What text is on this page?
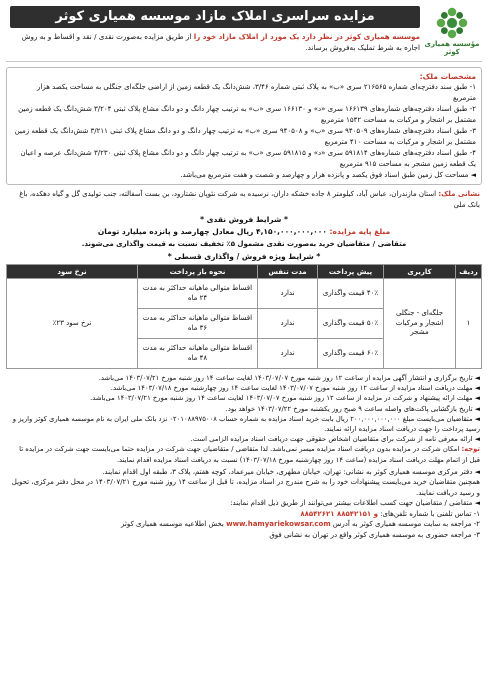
مؤسسه همیاری کوثر
مزایده سراسری املاک مازاد موسسه همیاری کوثر
موسسه همیاری کوثر در نظر دارد یک مورد از املاک مازاد خود را از طریق مزایده به‌صورت نقدی / نقد و اقساط و به روش اجاره به شرط تملیک به‌فروش برساند.
مشخصات ملک:

۱- طبق سند دفترچه‌ای شماره ۲۱۶۵۶۵ سری «ب» به پلاک ثبتی شماره ۳/۴۶، شش‌دانگ یک قطعه زمین از اراضی جلگه‌ای جنگلی به مساحت یکصد هزار مترمربع

۲- طبق اسناد دفترچه‌های شماره‌های ۱۶۶۱۳۹ سری «د» و ۱۶۶۱۳۰ سری «ب» به ترتیب چهار دانگ و دو دانگ مشاع پلاک ثبتی ۳/۲۰۴ شش‌دانگ یک قطعه زمین مشتمل بر اشجار و مرکبات به مساحت ۱۵۴۲ مترمربع

۳- طبق اسناد دفترچه‌های شماره‌های ۹۴۰۵۰۹ سری «ب» و ۹۴۰۵۰۸ سری «ب» به ترتیب چهار دانگ و دو دانگ مشاع پلاک ثبتی ۳/۲۱۱ شش‌دانگ یک قطعه زمین مشتمل بر اشجار و مرکبات به مساحت ۴۱۰ مترمربع

۴- طبق اسناد دفترچه‌های شماره‌های ۵۹۱۸۱۴ سری «د» و ۵۹۱۸۱۵ سری «ب» به ترتیب چهار دانگ و دو دانگ مشاع پلاک ثبتی ۳/۲۳۰ شش‌دانگ عرصه و اعیان یک قطعه زمین مشجر به مساحت ۹۱۵ مترمربع

◄ مساحت کل زمین طبق اسناد فوق یکصد و پانزده هزار و چهارصد و شصت و هفت مترمربع می‌باشد.

نشانی ملک: استان مازندران، عباس آباد، کیلومتر ۸ جاده خشکه داران، نرسیده به شرکت نئوپان نشتارود، بن بست آسفالته، جنب تولیدی گل و گیاه دهکده، باغ بانک ملی
* شرایط فروش نقدی *
مبلغ پایه مزایده: ۴,۱۵۰,۰۰۰,۰۰۰,۰۰۰ ریال معادل چهارصد و پانزده میلیارد تومان
متقاضی / متقاضیان خرید به‌صورت نقدی مشمول ۵٪ تخفیف نسبت به قیمت واگذاری می‌شوند.
* شرایط ویژه فروش / واگذاری قسطی *
ردیف	کاربری	پیش پرداخت	مدت تنفس	نحوه باز پرداخت	نرخ سود
۱	جلگه‌ای - جنگلی اشجار و مرکبات مشجر	۴۰٪ قیمت واگذاری	ندارد	اقساط متوالی ماهیانه حداکثر به مدت ۲۴ ماه	نرخ سود ۲۳٪
		۵۰٪ قیمت واگذاری	ندارد	اقساط متوالی ماهیانه حداکثر به مدت ۳۶ ماه	
		۶۰٪ قیمت واگذاری	ندارد	اقساط متوالی ماهیانه حداکثر به مدت ۴۸ ماه	

◄ تاریخ برگزاری و انتشار آگهی مزایده از ساعت ۱۲ روز شنبه مورخ ۱۴۰۳/۰۷/۰۷ لغایت ساعت ۱۴ روز شنبه مورخ ۱۴۰۳/۰۷/۲۱ می‌باشد.

◄ مهلت دریافت اسناد مزایده از ساعت ۱۲ روز شنبه مورخ ۱۴۰۳/۰۷/۰۷ لغایت ساعت ۱۴ روز چهارشنبه مورخ ۱۴۰۳/۰۷/۱۸ می‌باشد.

◄ مهلت ارائه پیشنهاد و شرکت در مزایده از ساعت ۱۲ روز شنبه مورخ ۱۴۰۳/۰۷/۰۷ لغایت ساعت ۱۴ روز شنبه مورخ ۱۴۰۳/۰۷/۲۱ می‌باشد.

◄ تاریخ بازگشایی پاکت‌های واصله ساعت ۹ صبح روز یکشنبه مورخ ۱۴۰۳/۰۷/۲۲ خواهد بود.

◄ متقاضیان می‌بایست مبلغ ۲۰۰,۰۰۰,۰۰۰,۰۰۰ ریال بابت خرید اسناد مزایده به شماره حساب ۰۲۰۱۰۸۸۹۷۵۰۰۸ نزد بانک ملی ایران به نام موسسه همیاری کوثر واریز و رسید پرداخت را جهت دریافت اسناد مزایده ارائه نمایند.

◄ ارائه معرفی نامه از شرکت برای متقاضیان اشخاص حقوقی جهت دریافت اسناد مزایده الزامی است.

توجه: امکان شرکت در مزایده بدون دریافت اسناد مزایده میسر نمی‌باشد. لذا متقاضی / متقاضیان جهت شرکت در مزایده حتما می‌بایست جهت شرکت در مزایده تا قبل از اتمام مهلت دریافت اسناد مزایده (ساعت ۱۴ روز چهارشنبه مورخ ۱۴۰۳/۰۷/۱۸) نسبت به دریافت اسناد مزایده اقدام نمایند.

◄ دفتر مرکزی موسسه همیاری کوثر به نشانی: تهران، خیابان مطهری، خیابان میرعماد، کوچه هفتم، پلاک ۳، طبقه اول اقدام نمایند.

همچنین متقاضیان خرید می‌بایست پیشنهادات خود را به شرح مندرج در اسناد مزایده، تا قبل از ساعت ۱۴ روز شنبه مورخ ۱۴۰۳/۰۷/۲۱ در محل دفتر مرکزی، تحویل و رسید دریافت نمایند.

◄ متقاضی / متقاضیان جهت کسب اطلاعات بیشتر می‌توانند از طریق ذیل اقدام نمایند:

۱- تماس تلفنی با شماره تلفن‌های: ۸۸۵۴۲۶۲۱ و ۸۸۵۴۲۱۵۱

۲- مراجعه به سایت موسسه همیاری کوثر به آدرس www.hamyariekowsar.com بخش اطلاعیه موسسه همیاری کوثر

۳- مراجعه حضوری به موسسه همیاری کوثر واقع در تهران به نشانی فوق
